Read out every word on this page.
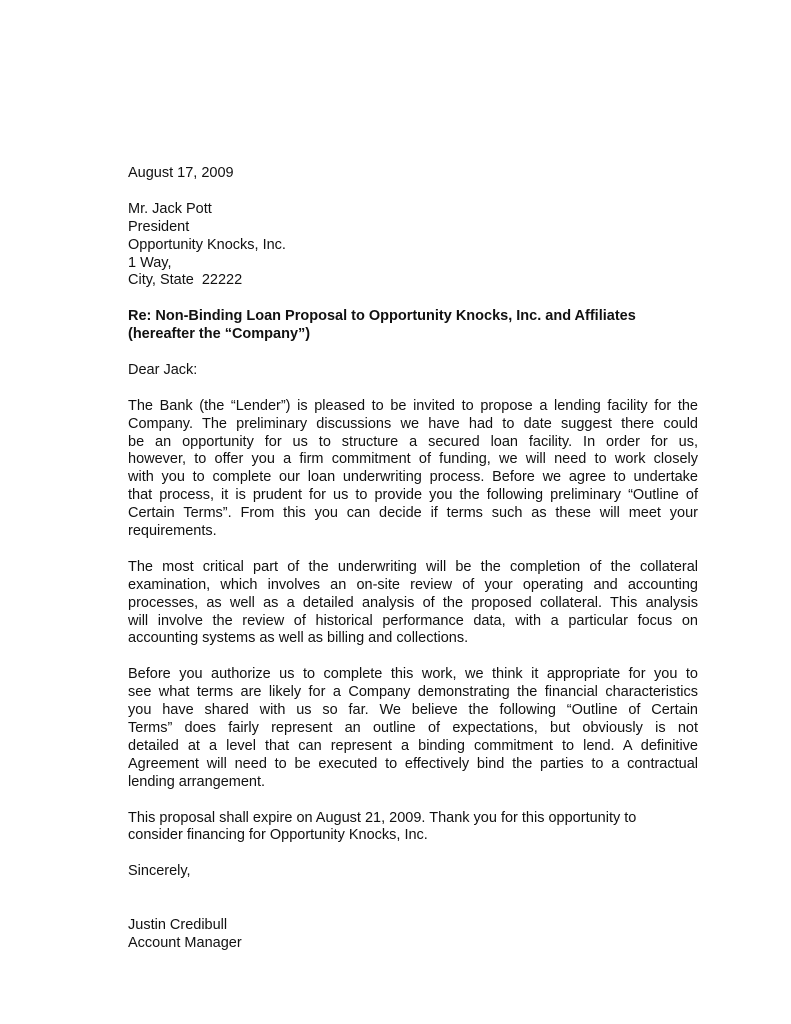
August 17, 2009
Mr. Jack Pott
President
Opportunity Knocks, Inc.
1 Way,
City, State  22222
Re: Non-Binding Loan Proposal to Opportunity Knocks, Inc. and Affiliates
(hereafter the “Company”)
Dear Jack:
The Bank (the “Lender”) is pleased to be invited to propose a lending facility for the
Company. The preliminary discussions we have had to date suggest there could
be an opportunity for us to structure a secured loan facility. In order for us,
however, to offer you a firm commitment of funding, we will need to work closely
with you to complete our loan underwriting process. Before we agree to undertake
that process, it is prudent for us to provide you the following preliminary “Outline of
Certain Terms”. From this you can decide if terms such as these will meet your
requirements.
The most critical part of the underwriting will be the completion of the collateral
examination, which involves an on-site review of your operating and accounting
processes, as well as a detailed analysis of the proposed collateral. This analysis
will involve the review of historical performance data, with a particular focus on
accounting systems as well as billing and collections.
Before you authorize us to complete this work, we think it appropriate for you to
see what terms are likely for a Company demonstrating the financial characteristics
you have shared with us so far. We believe the following “Outline of Certain
Terms” does fairly represent an outline of expectations, but obviously is not
detailed at a level that can represent a binding commitment to lend. A definitive
Agreement will need to be executed to effectively bind the parties to a contractual
lending arrangement.
This proposal shall expire on August 21, 2009. Thank you for this opportunity to
consider financing for Opportunity Knocks, Inc.
Sincerely,
Justin Credibull
Account Manager
